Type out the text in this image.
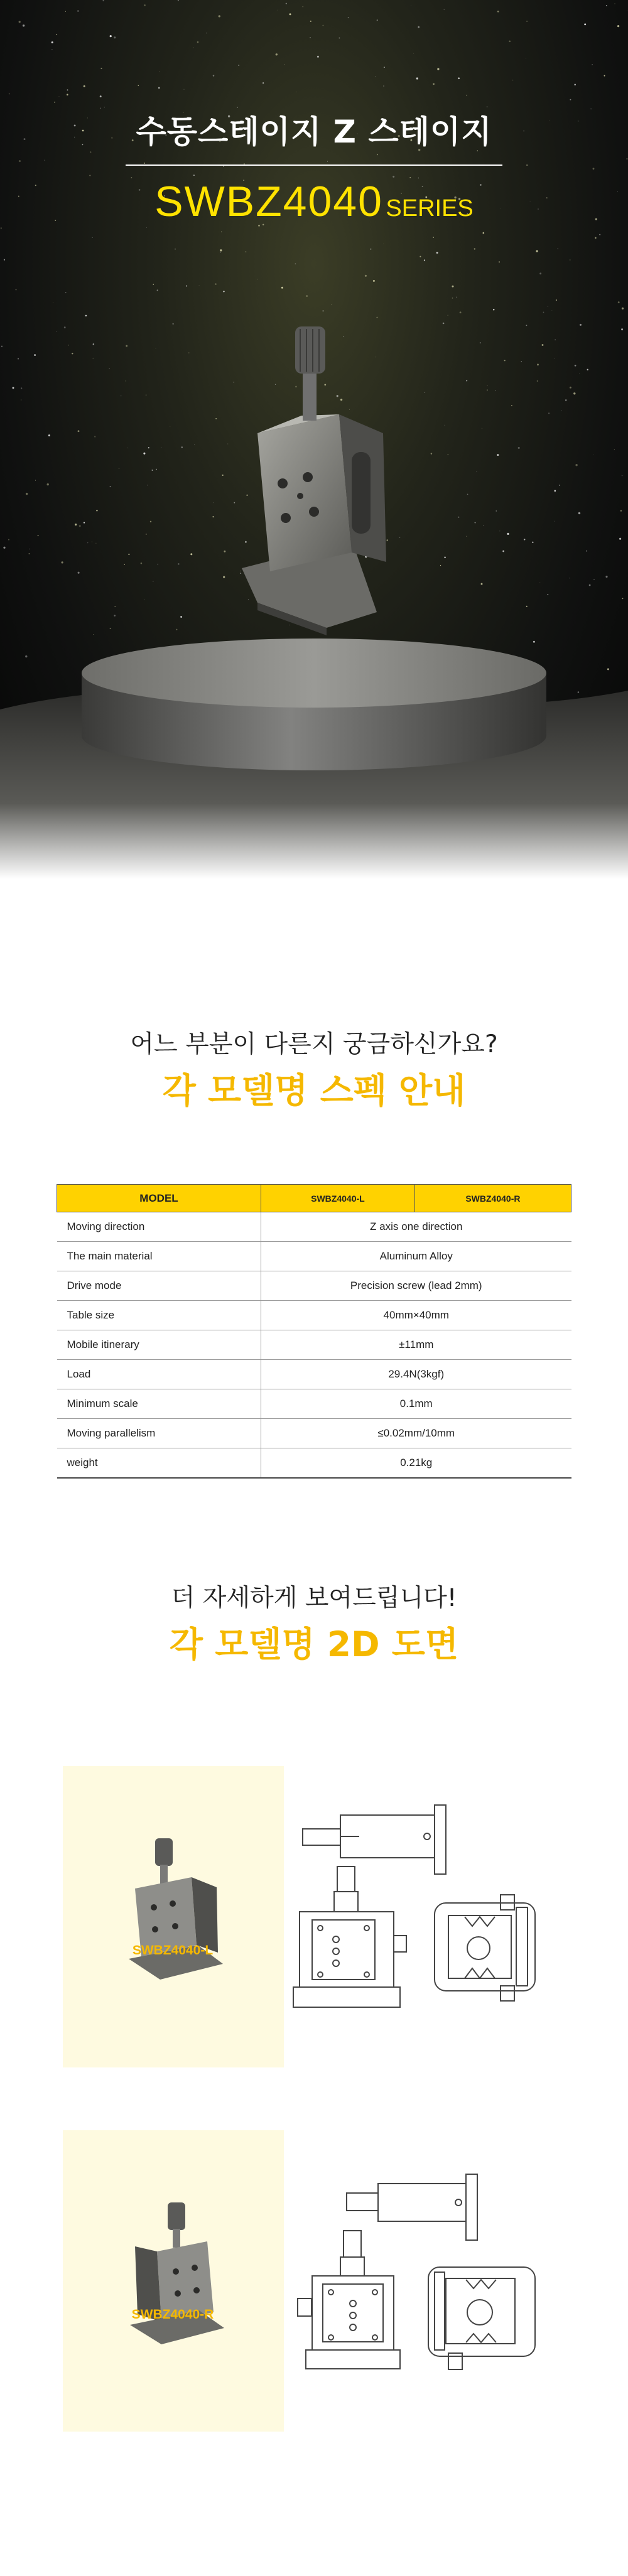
수동스테이지 Z 스테이지
SWBZ4040 SERIES
어느 부분이 다른지 궁금하신가요?
각 모델명 스펙 안내
MODEL	SWBZ4040-L	SWBZ4040-R
Moving direction	Z axis one direction	
The main material	Aluminum Alloy	
Drive mode	Precision screw (lead 2mm)	
Table size	40mm×40mm	
Mobile itinerary	±11mm	
Load	29.4N(3kgf)	
Minimum scale	0.1mm	
Moving parallelism	≤0.02mm/10mm	
weight	0.21kg	
더 자세하게 보여드립니다!
각 모델명 2D 도면
SWBZ4040-L
SWBZ4040-R
